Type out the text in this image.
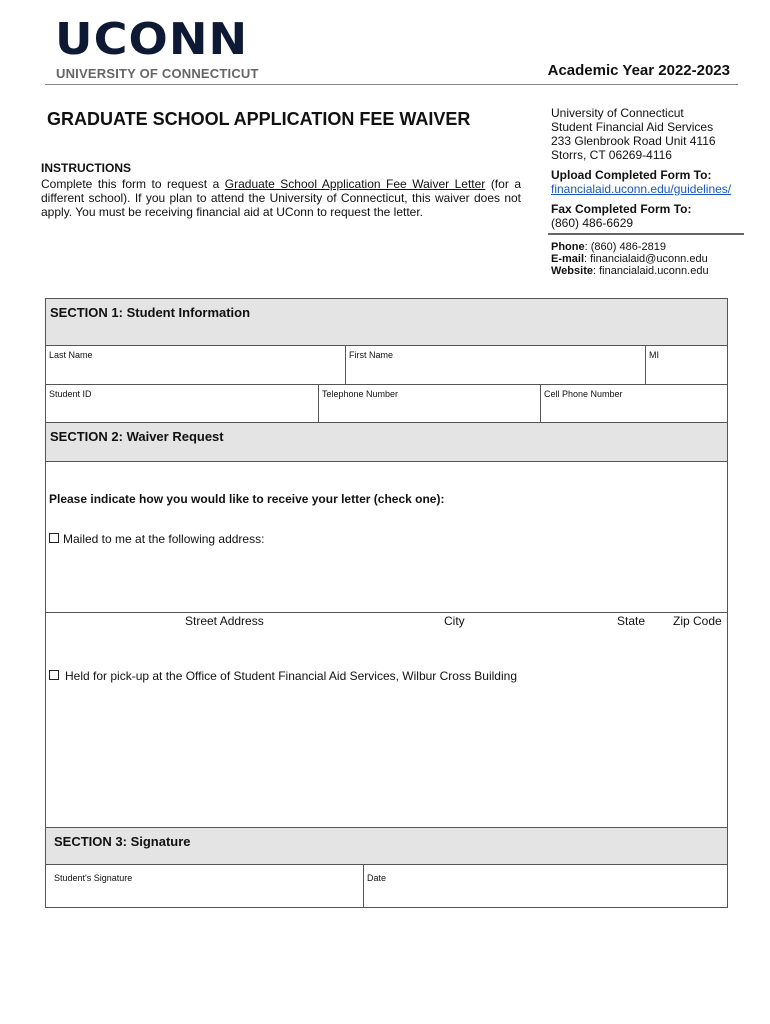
UCONN
UNIVERSITY OF CONNECTICUT	Academic Year 2022-2023
GRADUATE SCHOOL APPLICATION FEE WAIVER
INSTRUCTIONS
Complete this form to request a Graduate School Application Fee Waiver Letter (for a different school). If you plan to attend the University of Connecticut, this waiver does not apply. You must be receiving financial aid at UConn to request the letter.
University of Connecticut
Student Financial Aid Services
233 Glenbrook Road Unit 4116
Storrs, CT 06269-4116
Upload Completed Form To:
financialaid.uconn.edu/guidelines/
Fax Completed Form To:
(860) 486-6629
Phone: (860) 486-2819
E-mail: financialaid@uconn.edu
Website: financialaid.uconn.edu
SECTION 1: Student Information
Last Name	First Name	MI
Student ID	Telephone Number	Cell Phone Number
SECTION 2: Waiver Request
Please indicate how you would like to receive your letter (check one):
Mailed to me at the following address:
Street Address	City	State Zip Code
Held for pick-up at the Office of Student Financial Aid Services, Wilbur Cross Building
SECTION 3: Signature
Student's Signature	Date
